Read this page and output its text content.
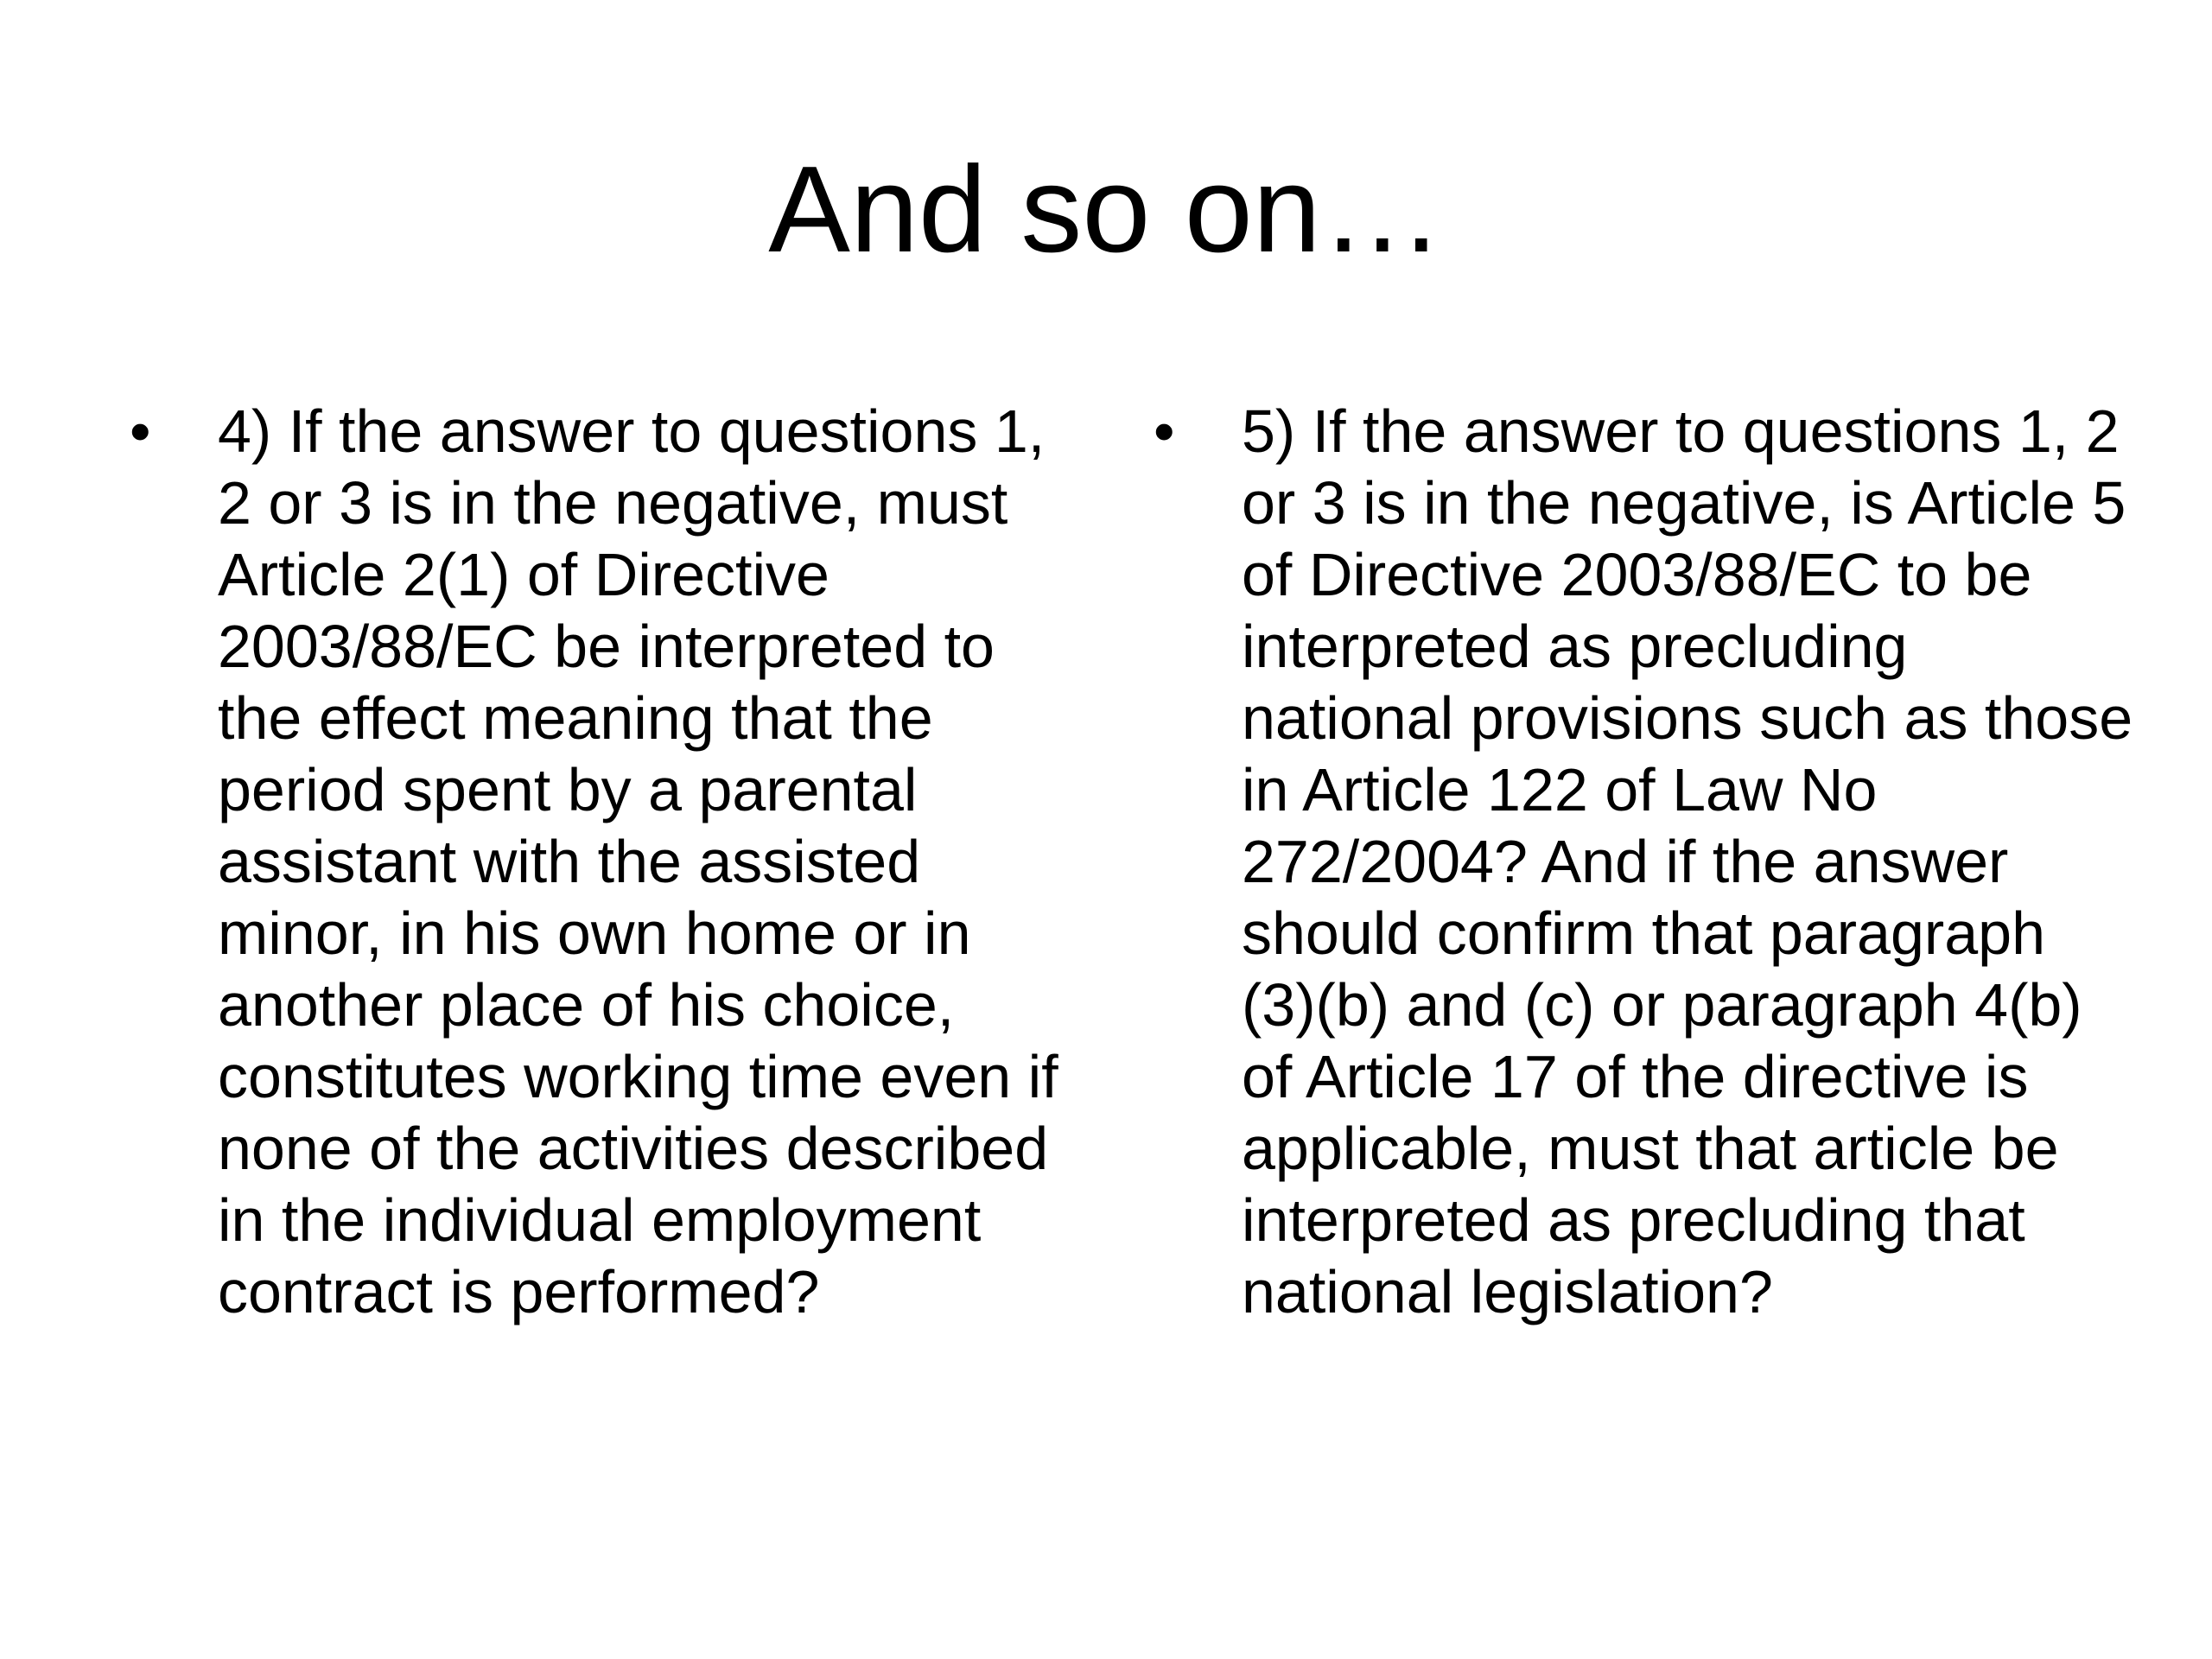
And so on…
• 4) If the answer to questions 1, 2 or 3 is in the negative, must Article 2(1) of Directive 2003/88/EC be interpreted to the effect meaning that the period spent by a parental assistant with the assisted minor, in his own home or in another place of his choice, constitutes working time even if none of the activities described in the individual employment contract is performed?
• 5) If the answer to questions 1, 2 or 3 is in the negative, is Article 5 of Directive 2003/88/EC to be interpreted as precluding national provisions such as those in Article 122 of Law No 272/2004? And if the answer should confirm that paragraph (3)(b) and (c) or paragraph 4(b) of Article 17 of the directive is applicable, must that article be interpreted as precluding that national legislation?
